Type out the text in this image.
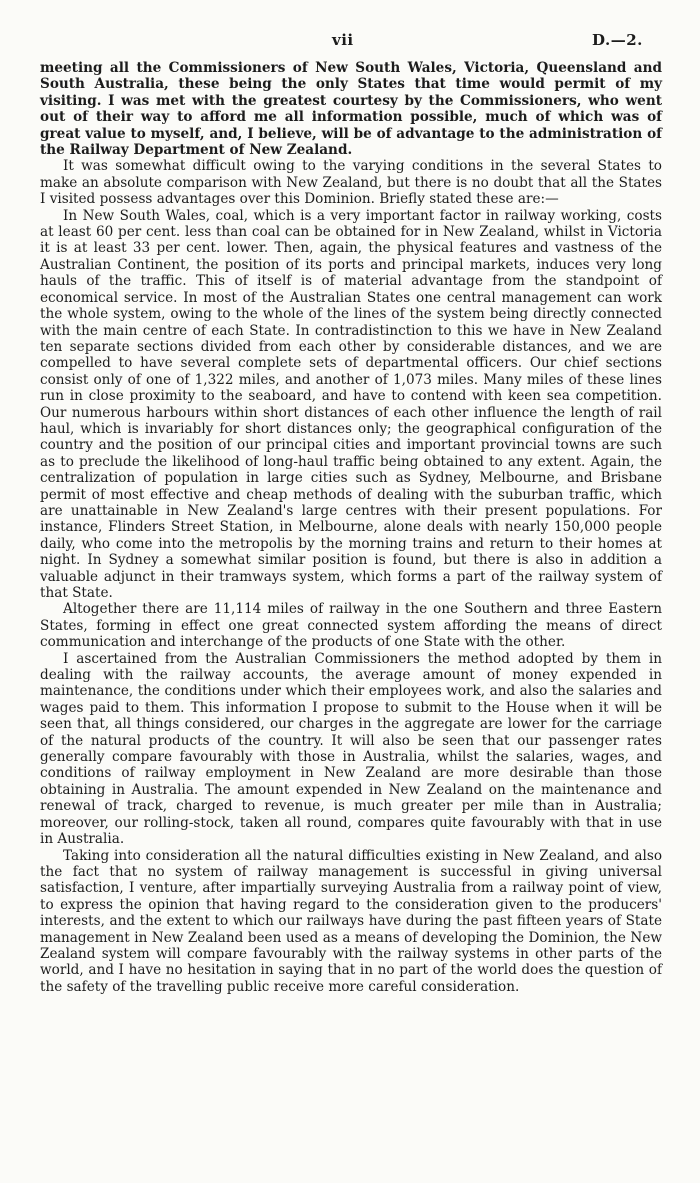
vii	D.—2.

meeting all the Commissioners of New South Wales, Victoria, Queensland and South Australia, these being the only States that time would permit of my visiting. I was met with the greatest courtesy by the Commissioners, who went out of their way to afford me all information possible, much of which was of great value to myself, and, I believe, will be of advantage to the administration of the Railway Department of New Zealand.

It was somewhat difficult owing to the varying conditions in the several States to make an absolute comparison with New Zealand, but there is no doubt that all the States I visited possess advantages over this Dominion. Briefly stated these are:—

In New South Wales, coal, which is a very important factor in railway working, costs at least 60 per cent. less than coal can be obtained for in New Zealand, whilst in Victoria it is at least 33 per cent. lower. Then, again, the physical features and vastness of the Australian Continent, the position of its ports and principal markets, induces very long hauls of the traffic. This of itself is of material advantage from the standpoint of economical service. In most of the Australian States one central management can work the whole system, owing to the whole of the lines of the system being directly connected with the main centre of each State. In contradistinction to this we have in New Zealand ten separate sections divided from each other by considerable distances, and we are compelled to have several complete sets of departmental officers. Our chief sections consist only of one of 1,322 miles, and another of 1,073 miles. Many miles of these lines run in close proximity to the seaboard, and have to contend with keen sea competition. Our numerous harbours within short distances of each other influence the length of rail haul, which is invariably for short distances only; the geographical configuration of the country and the position of our principal cities and important provincial towns are such as to preclude the likelihood of long-haul traffic being obtained to any extent. Again, the centralization of population in large cities such as Sydney, Melbourne, and Brisbane permit of most effective and cheap methods of dealing with the suburban traffic, which are unattainable in New Zealand's large centres with their present populations. For instance, Flinders Street Station, in Melbourne, alone deals with nearly 150,000 people daily, who come into the metropolis by the morning trains and return to their homes at night. In Sydney a somewhat similar position is found, but there is also in addition a valuable adjunct in their tramways system, which forms a part of the railway system of that State.

Altogether there are 11,114 miles of railway in the one Southern and three Eastern States, forming in effect one great connected system affording the means of direct communication and interchange of the products of one State with the other.

I ascertained from the Australian Commissioners the method adopted by them in dealing with the railway accounts, the average amount of money expended in maintenance, the conditions under which their employees work, and also the salaries and wages paid to them. This information I propose to submit to the House when it will be seen that, all things considered, our charges in the aggregate are lower for the carriage of the natural products of the country. It will also be seen that our passenger rates generally compare favourably with those in Australia, whilst the salaries, wages, and conditions of railway employment in New Zealand are more desirable than those obtaining in Australia. The amount expended in New Zealand on the maintenance and renewal of track, charged to revenue, is much greater per mile than in Australia; moreover, our rolling-stock, taken all round, compares quite favourably with that in use in Australia.

Taking into consideration all the natural difficulties existing in New Zealand, and also the fact that no system of railway management is successful in giving universal satisfaction, I venture, after impartially surveying Australia from a railway point of view, to express the opinion that having regard to the consideration given to the producers' interests, and the extent to which our railways have during the past fifteen years of State management in New Zealand been used as a means of developing the Dominion, the New Zealand system will compare favourably with the railway systems in other parts of the world, and I have no hesitation in saying that in no part of the world does the question of the safety of the travelling public receive more careful consideration.
